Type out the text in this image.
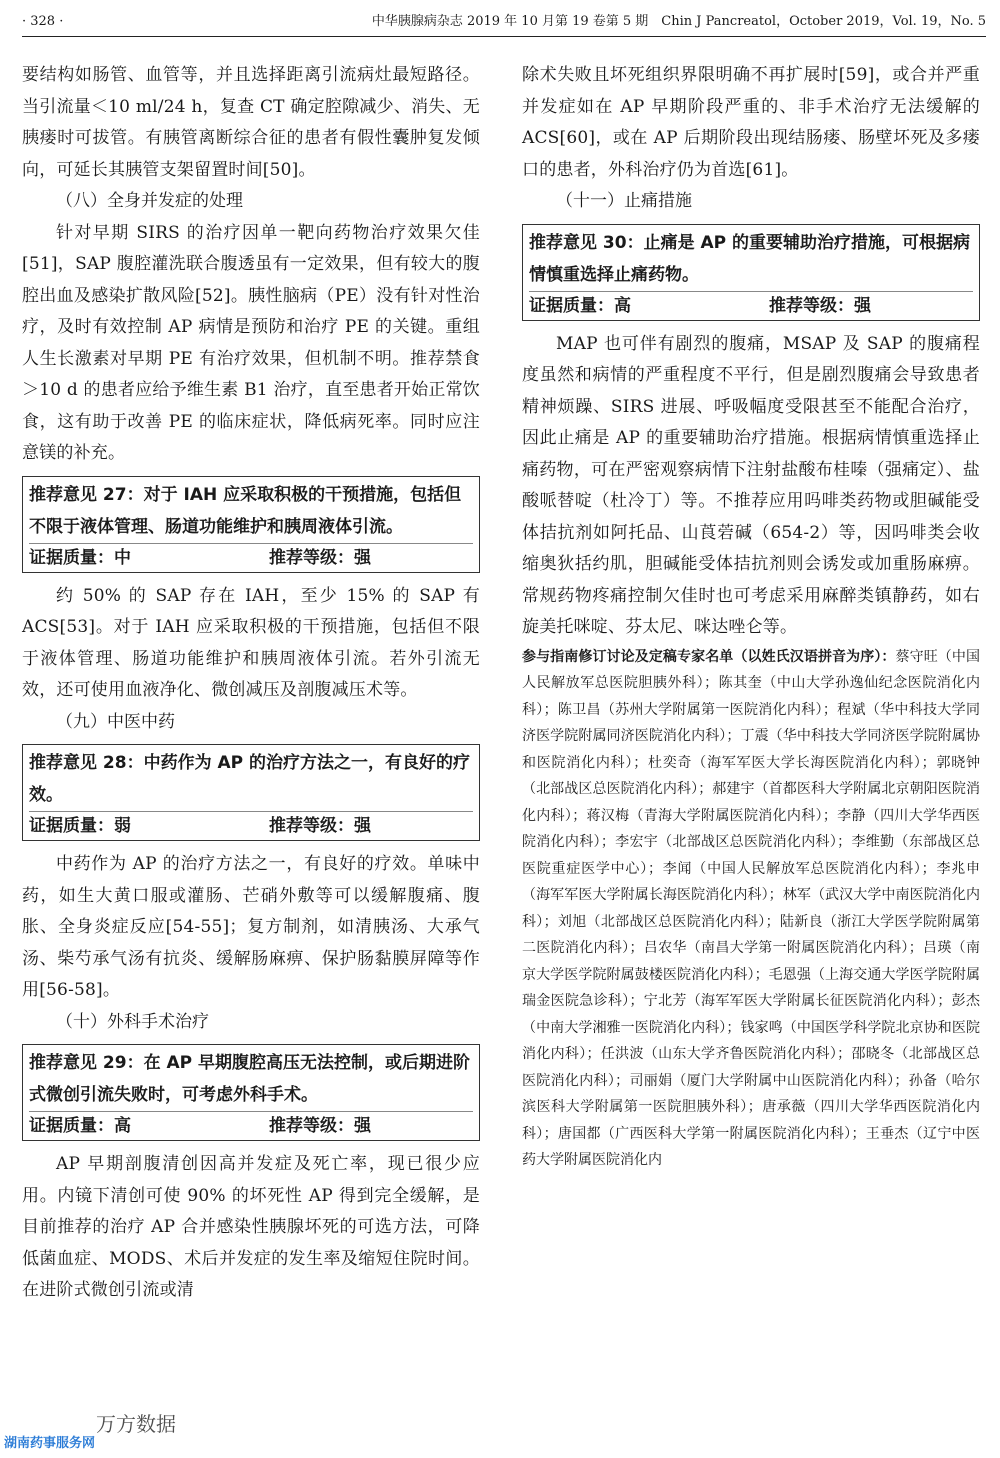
· 328 ·	中华胰腺病杂志 2019 年 10 月第 19 卷第 5 期　Chin J Pancreatol，October 2019，Vol. 19，No. 5

要结构如肠管、血管等，并且选择距离引流病灶最短路径。当引流量＜10 ml/24 h，复查 CT 确定腔隙减少、消失、无胰瘘时可拔管。有胰管离断综合征的患者有假性囊肿复发倾向，可延长其胰管支架留置时间[50]。

（八）全身并发症的处理

针对早期 SIRS 的治疗因单一靶向药物治疗效果欠佳[51]，SAP 腹腔灌洗联合腹透虽有一定效果，但有较大的腹腔出血及感染扩散风险[52]。胰性脑病（PE）没有针对性治疗，及时有效控制 AP 病情是预防和治疗 PE 的关键。重组人生长激素对早期 PE 有治疗效果，但机制不明。推荐禁食＞10 d 的患者应给予维生素 B1 治疗，直至患者开始正常饮食，这有助于改善 PE 的临床症状，降低病死率。同时应注意镁的补充。

推荐意见 27：对于 IAH 应采取积极的干预措施，包括但不限于液体管理、肠道功能维护和胰周液体引流。

证据质量：中	推荐等级：强

约 50% 的 SAP 存在 IAH，至少 15% 的 SAP 有 ACS[53]。对于 IAH 应采取积极的干预措施，包括但不限于液体管理、肠道功能维护和胰周液体引流。若外引流无效，还可使用血液净化、微创减压及剖腹减压术等。

（九）中医中药

推荐意见 28：中药作为 AP 的治疗方法之一，有良好的疗效。

证据质量：弱	推荐等级：强

中药作为 AP 的治疗方法之一，有良好的疗效。单味中药，如生大黄口服或灌肠、芒硝外敷等可以缓解腹痛、腹胀、全身炎症反应[54-55]；复方制剂，如清胰汤、大承气汤、柴芍承气汤有抗炎、缓解肠麻痹、保护肠黏膜屏障等作用[56-58]。

（十）外科手术治疗

推荐意见 29：在 AP 早期腹腔高压无法控制，或后期进阶式微创引流失败时，可考虑外科手术。

证据质量：高	推荐等级：强

AP 早期剖腹清创因高并发症及死亡率，现已很少应用。内镜下清创可使 90% 的坏死性 AP 得到完全缓解，是目前推荐的治疗 AP 合并感染性胰腺坏死的可选方法，可降低菌血症、MODS、术后并发症的发生率及缩短住院时间。在进阶式微创引流或清

除术失败且坏死组织界限明确不再扩展时[59]，或合并严重并发症如在 AP 早期阶段严重的、非手术治疗无法缓解的 ACS[60]，或在 AP 后期阶段出现结肠瘘、肠壁坏死及多瘘口的患者，外科治疗仍为首选[61]。

（十一）止痛措施

推荐意见 30：止痛是 AP 的重要辅助治疗措施，可根据病情慎重选择止痛药物。

证据质量：高	推荐等级：强

MAP 也可伴有剧烈的腹痛，MSAP 及 SAP 的腹痛程度虽然和病情的严重程度不平行，但是剧烈腹痛会导致患者精神烦躁、SIRS 进展、呼吸幅度受限甚至不能配合治疗，因此止痛是 AP 的重要辅助治疗措施。根据病情慎重选择止痛药物，可在严密观察病情下注射盐酸布桂嗪（强痛定）、盐酸哌替啶（杜冷丁）等。不推荐应用吗啡类药物或胆碱能受体拮抗剂如阿托品、山莨菪碱（654-2）等，因吗啡类会收缩奥狄括约肌，胆碱能受体拮抗剂则会诱发或加重肠麻痹。常规药物疼痛控制欠佳时也可考虑采用麻醉类镇静药，如右旋美托咪啶、芬太尼、咪达唑仑等。

参与指南修订讨论及定稿专家名单（以姓氏汉语拼音为序）：蔡守旺（中国人民解放军总医院胆胰外科）；陈其奎（中山大学孙逸仙纪念医院消化内科）；陈卫昌（苏州大学附属第一医院消化内科）；程斌（华中科技大学同济医学院附属同济医院消化内科）；丁震（华中科技大学同济医学院附属协和医院消化内科）；杜奕奇（海军军医大学长海医院消化内科）；郭晓钟（北部战区总医院消化内科）；郝建宇（首都医科大学附属北京朝阳医院消化内科）；蒋汉梅（青海大学附属医院消化内科）；李静（四川大学华西医院消化内科）；李宏宇（北部战区总医院消化内科）；李维勤（东部战区总医院重症医学中心）；李闻（中国人民解放军总医院消化内科）；李兆申（海军军医大学附属长海医院消化内科）；林军（武汉大学中南医院消化内科）；刘旭（北部战区总医院消化内科）；陆新良（浙江大学医学院附属第二医院消化内科）；吕农华（南昌大学第一附属医院消化内科）；吕瑛（南京大学医学院附属鼓楼医院消化内科）；毛恩强（上海交通大学医学院附属瑞金医院急诊科）；宁北芳（海军军医大学附属长征医院消化内科）；彭杰（中南大学湘雅一医院消化内科）；钱家鸣（中国医学科学院北京协和医院消化内科）；任洪波（山东大学齐鲁医院消化内科）；邵晓冬（北部战区总医院消化内科）；司丽娟（厦门大学附属中山医院消化内科）；孙备（哈尔滨医科大学附属第一医院胆胰外科）；唐承薇（四川大学华西医院消化内科）；唐国都（广西医科大学第一附属医院消化内科）；王垂杰（辽宁中医药大学附属医院消化内

万方数据
湖南药事服务网
